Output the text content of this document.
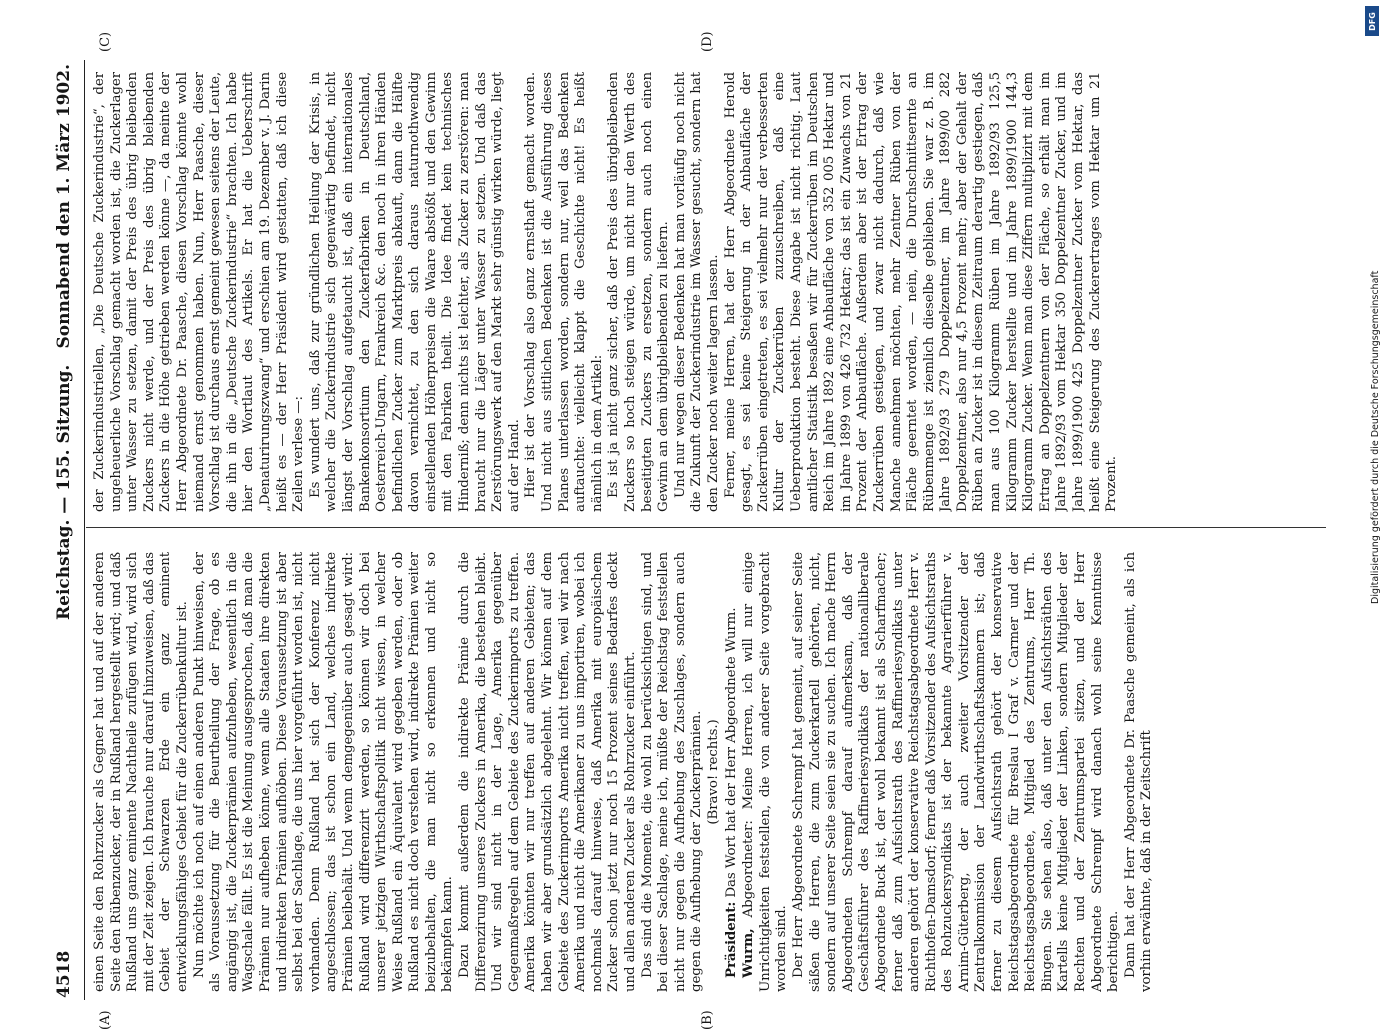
4518
Reichstag. — 155. Sitzung.
Sonnabend den 1. März 1902.
(A)	(B)
(C)	(D)

einen Seite den Rohrzucker als Gegner hat und auf der anderen Seite den Rübenzucker, der in Rußland hergestellt wird; und daß Rußland uns ganz eminente Nachtheile zufügen wird, wird sich mit der Zeit zeigen. Ich brauche nur darauf hinzuweisen, daß das Gebiet der Schwarzen Erde ein ganz eminent entwicklungsfähiges Gebiet für die Zuckerrübenkultur ist. Nun möchte ich noch auf einen anderen Punkt hinweisen, der als Voraussetzung für die Beurtheilung der Frage, ob es angängig ist, die Zuckerprämien aufzuheben, wesentlich in die Wagschale fällt. Es ist die Meinung ausgesprochen, daß man die Prämien nur aufheben könne, wenn alle Staaten ihre direkten und indirekten Prämien aufhöben. Diese Voraussetzung ist aber selbst bei der Sachlage, die uns hier vorgeführt worden ist, nicht vorhanden. Denn Rußland hat sich der Konferenz nicht angeschlossen; das ist schon ein Land, welches indirekte Prämien beibehält. Und wenn demgegenüber auch gesagt wird: Rußland wird differenzirt werden, so können wir doch bei unserer jetzigen Wirthschaftspolitik nicht wissen, in welcher Weise Rußland ein Äquivalent wird gegeben werden, oder ob Rußland es nicht doch verstehen wird, indirekte Prämien weiter beizubehalten, die man nicht so erkennen und nicht so bekämpfen kann. Dazu kommt außerdem die indirekte Prämie durch die Differenzirung unseres Zuckers in Amerika, die bestehen bleibt. Und wir sind nicht in der Lage, Amerika gegenüber Gegenmaßregeln auf dem Gebiete des Zuckerimports zu treffen. Amerika könnten wir nur treffen auf anderen Gebieten; das haben wir aber grundsätzlich abgelehnt. Wir können auf dem Gebiete des Zuckerimports Amerika nicht treffen, weil wir nach Amerika und nicht die Amerikaner zu uns importiren, wobei ich nochmals darauf hinweise, daß Amerika mit europäischem Zucker schon jetzt nur noch 15 Prozent seines Bedarfes deckt und allen anderen Zucker als Rohrzucker einführt. Das sind die Momente, die wohl zu berücksichtigen sind, und bei dieser Sachlage, meine ich, müßte der Reichstag feststellen nicht nur gegen die Aufhebung des Zuschlages, sondern auch gegen die Aufhebung der Zuckerprämien. (Bravo! rechts.)

Präsident: Das Wort hat der Herr Abgeordnete Wurm.

Wurm, Abgeordneter: Meine Herren, ich will nur einige Unrichtigkeiten feststellen, die von anderer Seite vorgebracht worden sind. Der Herr Abgeordnete Schrempf hat gemeint, auf seiner Seite säßen die Herren, die zum Zuckerkartell gehörten, nicht, sondern auf unserer Seite seien sie zu suchen. Ich mache Herrn Abgeordneten Schrempf darauf aufmerksam, daß der Geschäftsführer des Raffineriesyndikats der nationalliberale Abgeordnete Buck ist, der wohl bekannt ist als Scharfmacher; ferner daß zum Aufsichtsrath des Raffineriesyndikats unter anderen gehört der konservative Reichstagsabgeordnete Herr v. Richthofen-Damsdorf; ferner daß Vorsitzender des Aufsichtsraths des Rohzuckersyndikats ist der bekannte Agrarierführer v. Arnim-Güterberg, der auch zweiter Vorsitzender der Zentralkommission der Landwirthschaftskammern ist; daß ferner zu diesem Aufsichtsrath gehört der konservative Reichstagsabgeordnete für Breslau I Graf v. Carmer und der Reichstagsabgeordnete, Mitglied des Zentrums, Herr Th. Bingen. Sie sehen also, daß unter den Aufsichtsräthen des Kartells keine Mitglieder der Linken, sondern Mitglieder der Rechten und der Zentrumspartei sitzen, und der Herr Abgeordnete Schrempf wird danach wohl seine Kenntnisse berichtigen. Dann hat der Herr Abgeordnete Dr. Paasche gemeint, als ich vorhin erwähnte, daß in der Zeitschrift

der Zuckerindustriellen, „Die Deutsche Zuckerindustrie“, der ungeheuerliche Vorschlag gemacht worden ist, die Zuckerlager unter Wasser zu setzen, damit der Preis des übrig bleibenden Zuckers nicht werde, und der Preis des übrig bleibenden Zuckers in die Höhe getrieben werden könne —, da meinte der Herr Abgeordnete Dr. Paasche, diesen Vorschlag könnte wohl niemand ernst genommen haben. Nun, Herr Paasche, dieser Vorschlag ist durchaus ernst gemeint gewesen seitens der Leute, die ihn in die „Deutsche Zuckerindustrie“ brachten. Ich habe hier den Wortlaut des Artikels. Er hat die Ueberschrift „Denaturirungszwang“ und erschien am 19. Dezember v. J. Darin heißt es — der Herr Präsident wird gestatten, daß ich diese Zeilen verlese —: Es wundert uns, daß zur gründlichen Heilung der Krisis, in welcher die Zuckerindustrie sich gegenwärtig befindet, nicht längst der Vorschlag aufgetaucht ist, daß ein internationales Bankenkonsortium den Zuckerfabriken in Deutschland, Oesterreich-Ungarn, Frankreich &c. den noch in ihren Händen befindlichen Zucker zum Marktpreis abkauft, dann die Hälfte davon vernichtet, zu den sich daraus naturnothwendig einstellenden Höherpreisen die Waare abstößt und den Gewinn mit den Fabriken theilt. Die Idee findet kein technisches Hinderniß; denn nichts ist leichter, als Zucker zu zerstören: man braucht nur die Läger unter Wasser zu setzen. Und daß das Zerstörungswerk auf den Markt sehr günstig wirken würde, liegt auf der Hand. Hier ist der Vorschlag also ganz ernsthaft gemacht worden. Und nicht aus sittlichen Bedenken ist die Ausführung dieses Planes unterlassen worden, sondern nur, weil das Bedenken auftauchte: vielleicht klappt die Geschichte nicht! Es heißt nämlich in dem Artikel: Es ist ja nicht ganz sicher, daß der Preis des übrigbleibenden Zuckers so hoch steigen würde, um nicht nur den Werth des beseitigten Zuckers zu ersetzen, sondern auch noch einen Gewinn an dem übrigbleibenden zu liefern. Und nur wegen dieser Bedenken hat man vorläufig noch nicht die Zukunft der Zuckerindustrie im Wasser gesucht, sondern hat den Zucker noch weiter lagern lassen. Ferner, meine Herren, hat der Herr Abgeordnete Herold gesagt, es sei keine Steigerung in der Anbaufläche der Zuckerrüben eingetreten, es sei vielmehr nur der verbesserten Kultur der Zuckerrüben zuzuschreiben, daß eine Ueberproduktion besteht. Diese Angabe ist nicht richtig. Laut amtlicher Statistik besaßen wir für Zuckerrüben im Deutschen Reich im Jahre 1892 eine Anbaufläche von 352 005 Hektar und im Jahre 1899 von 426 732 Hektar; das ist ein Zuwachs von 21 Prozent der Anbaufläche. Außerdem aber ist der Ertrag der Zuckerrüben gestiegen, und zwar nicht dadurch, daß wie Manche annehmen möchten, mehr Zentner Rüben von der Fläche geerntet worden, — nein, die Durchschnittsernte an Rübenmenge ist ziemlich dieselbe geblieben. Sie war z. B. im Jahre 1892/93 279 Doppelzentner, im Jahre 1899/00 282 Doppelzentner, also nur 4,5 Prozent mehr; aber der Gehalt der Rüben an Zucker ist in diesem Zeitraum derartig gestiegen, daß man aus 100 Kilogramm Rüben im Jahre 1892/93 125,5 Kilogramm Zucker herstellte und im Jahre 1899/1900 144,3 Kilogramm Zucker. Wenn man diese Ziffern multiplizirt mit dem Ertrag an Doppelzentnern von der Fläche, so erhält man im Jahre 1892/93 vom Hektar 350 Doppelzentner Zucker, und im Jahre 1899/1900 425 Doppelzentner Zucker vom Hektar, das heißt eine Steigerung des Zuckerertrages vom Hektar um 21 Prozent.

DFG
Digitalisierung gefördert durch die Deutsche Forschungsgemeinschaft
